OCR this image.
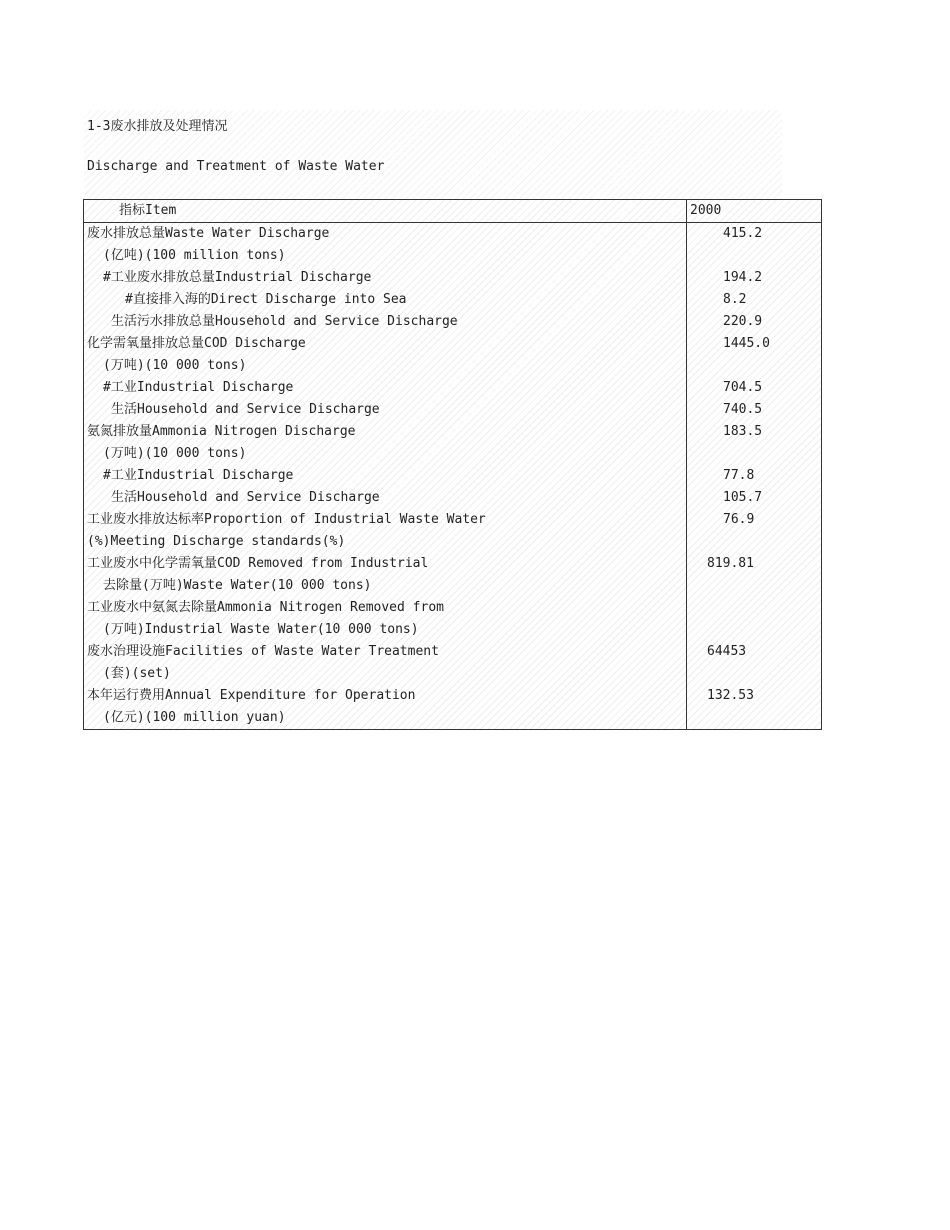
1-3废水排放及处理情况
Discharge and Treatment of Waste Water
指标Item	2000
废水排放总量Waste Water Discharge	415.2
(亿吨)(100 million tons)	
#工业废水排放总量Industrial Discharge	194.2
#直接排入海的Direct Discharge into Sea	8.2
生活污水排放总量Household and Service Discharge	220.9
化学需氧量排放总量COD Discharge	1445.0
(万吨)(10 000 tons)	
#工业Industrial Discharge	704.5
生活Household and Service Discharge	740.5
氨氮排放量Ammonia Nitrogen Discharge	183.5
(万吨)(10 000 tons)	
#工业Industrial Discharge	77.8
生活Household and Service Discharge	105.7
工业废水排放达标率Proportion of Industrial Waste Water	76.9
(%)Meeting Discharge standards(%)	
工业废水中化学需氧量COD Removed from Industrial	819.81
去除量(万吨)Waste Water(10 000 tons)	
工业废水中氨氮去除量Ammonia Nitrogen Removed from	
(万吨)Industrial Waste Water(10 000 tons)	
废水治理设施Facilities of Waste Water Treatment	64453
(套)(set)	
本年运行费用Annual Expenditure for Operation	132.53
(亿元)(100 million yuan)	
